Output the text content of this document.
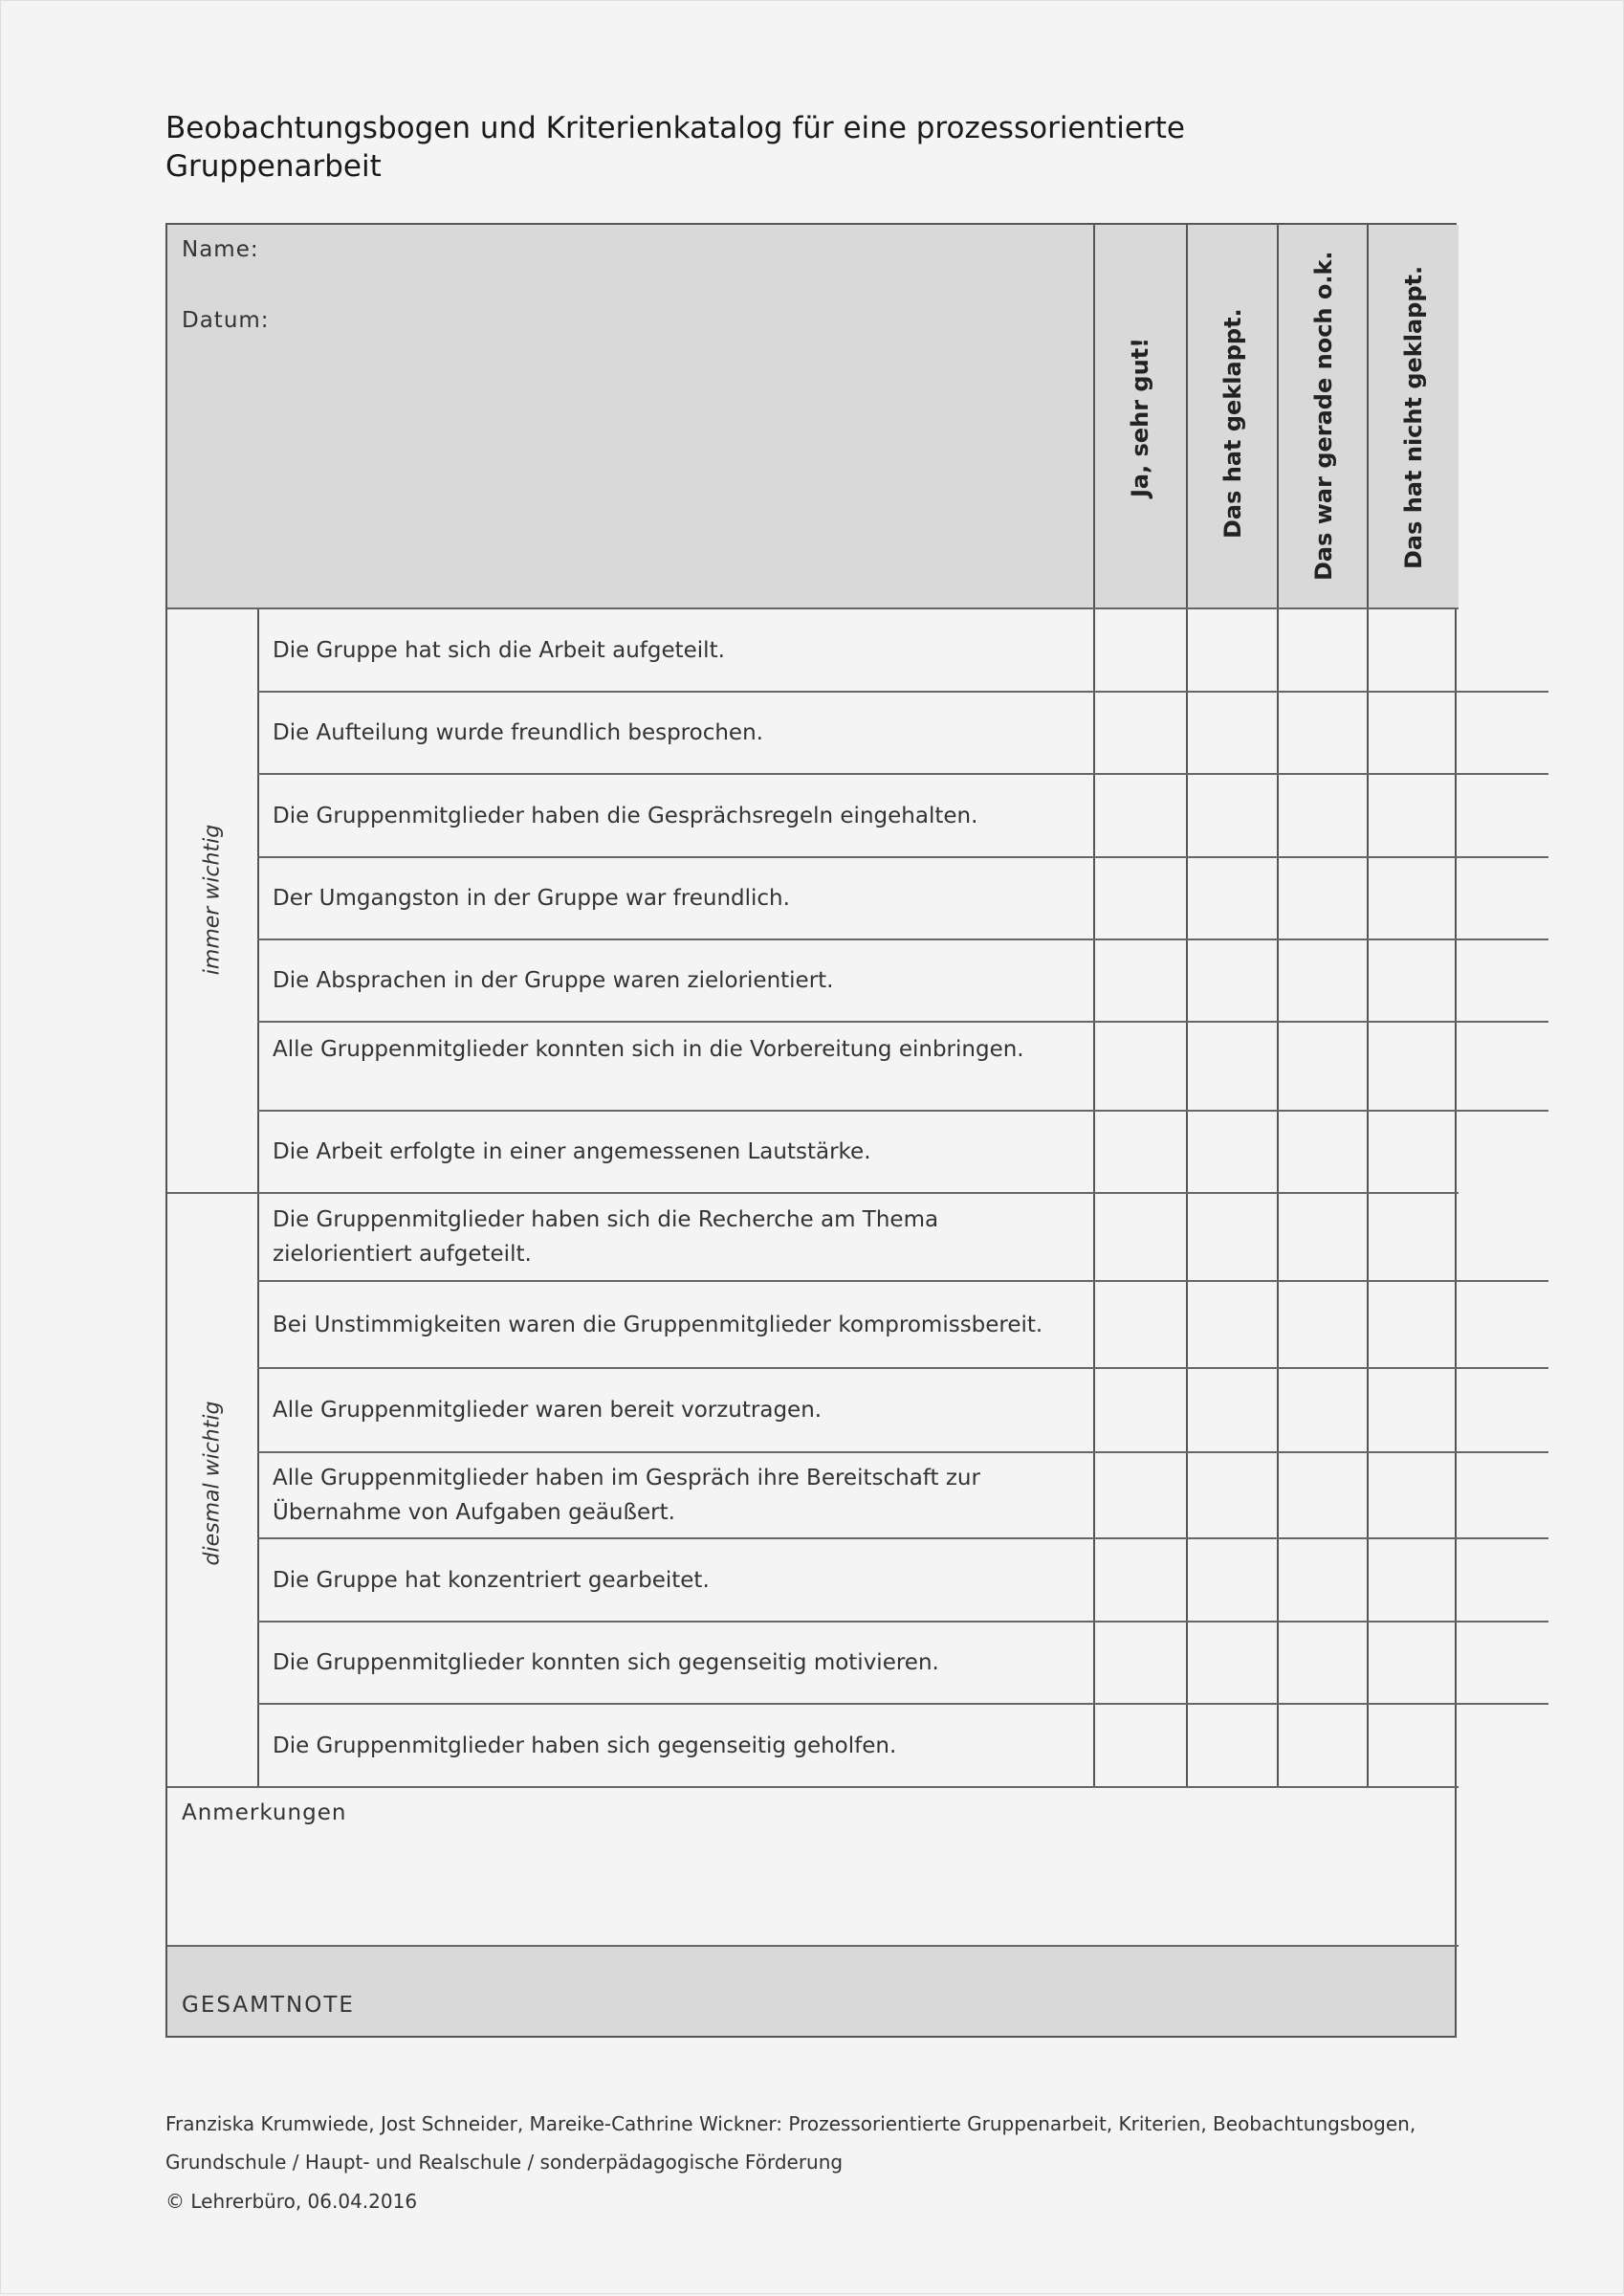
Beobachtungsbogen und Kriterienkatalog für eine prozessorientierte
Gruppenarbeit
Name:
Datum:
Ja, sehr gut!	Das hat geklappt.	Das war gerade noch o.k.	Das hat nicht geklappt.
immer wichtig
Die Gruppe hat sich die Arbeit aufgeteilt.
Die Aufteilung wurde freundlich besprochen.
Die Gruppenmitglieder haben die Gesprächsregeln eingehalten.
Der Umgangston in der Gruppe war freundlich.
Die Absprachen in der Gruppe waren zielorientiert.
Alle Gruppenmitglieder konnten sich in die Vorbereitung einbringen.
Die Arbeit erfolgte in einer angemessenen Lautstärke.
diesmal wichtig
Die Gruppenmitglieder haben sich die Recherche am Thema zielorientiert aufgeteilt.
Bei Unstimmigkeiten waren die Gruppenmitglieder kompromissbereit.
Alle Gruppenmitglieder waren bereit vorzutragen.
Alle Gruppenmitglieder haben im Gespräch ihre Bereitschaft zur Übernahme von Aufgaben geäußert.
Die Gruppe hat konzentriert gearbeitet.
Die Gruppenmitglieder konnten sich gegenseitig motivieren.
Die Gruppenmitglieder haben sich gegenseitig geholfen.
Anmerkungen
GESAMTNOTE
Franziska Krumwiede, Jost Schneider, Mareike-Cathrine Wickner: Prozessorientierte Gruppenarbeit, Kriterien, Beobachtungsbogen,
Grundschule / Haupt- und Realschule / sonderpädagogische Förderung
© Lehrerbüro, 06.04.2016
